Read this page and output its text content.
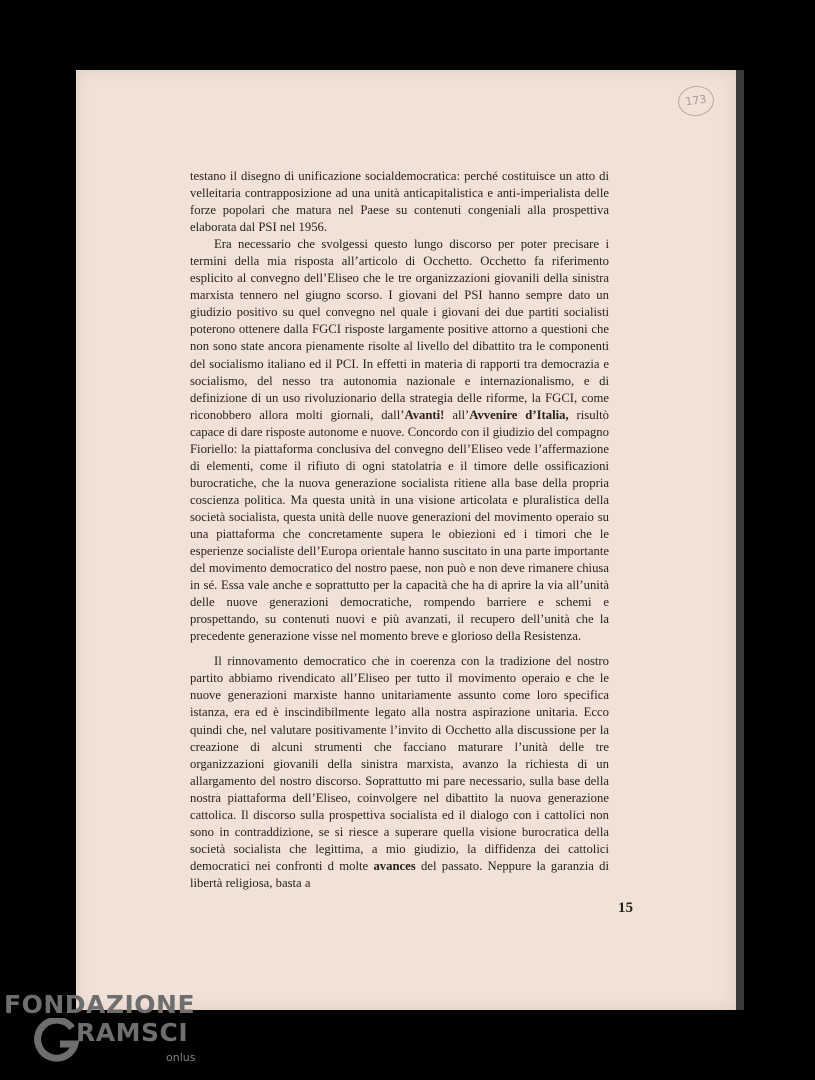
173

testano il disegno di unificazione socialdemocratica: perché costituisce un atto di velleitaria contrapposizione ad una unità anticapitalistica e anti-imperialista delle forze popolari che matura nel Paese su contenuti congeniali alla prospettiva elaborata dal PSI nel 1956.

Era necessario che svolgessi questo lungo discorso per poter precisare i termini della mia risposta all’articolo di Occhetto. Occhetto fa riferimento esplicito al convegno dell’Eliseo che le tre organizzazioni giovanili della sinistra marxista tennero nel giugno scorso. I giovani del PSI hanno sempre dato un giudizio positivo su quel convegno nel quale i giovani dei due partiti socialisti poterono ottenere dalla FGCI risposte largamente positive attorno a questioni che non sono state ancora pienamente risolte al livello del dibattito tra le componenti del socialismo italiano ed il PCI. In effetti in materia di rapporti tra democrazia e socialismo, del nesso tra autonomia nazionale e internazionalismo, e di definizione di un uso rivoluzionario della strategia delle riforme, la FGCI, come riconobbero allora molti giornali, dall’Avanti! all’Avvenire d’Italia, risultò capace di dare risposte autonome e nuove. Concordo con il giudizio del compagno Fioriello: la piattaforma conclusiva del convegno dell’Eliseo vede l’affermazione di elementi, come il rifiuto di ogni statolatria e il timore delle ossificazioni burocratiche, che la nuova generazione socialista ritiene alla base della propria coscienza politica. Ma questa unità in una visione articolata e pluralistica della società socialista, questa unità delle nuove generazioni del movimento operaio su una piattaforma che concretamente supera le obiezioni ed i timori che le esperienze socialiste dell’Europa orientale hanno suscitato in una parte importante del movimento democratico del nostro paese, non può e non deve rimanere chiusa in sé. Essa vale anche e soprattutto per la capacità che ha di aprire la via all’unità delle nuove generazioni democratiche, rompendo barriere e schemi e prospettando, su contenuti nuovi e più avanzati, il recupero dell’unità che la precedente generazione visse nel momento breve e glorioso della Resistenza.

Il rinnovamento democratico che in coerenza con la tradizione del nostro partito abbiamo rivendicato all’Eliseo per tutto il movimento operaio e che le nuove generazioni marxiste hanno unitariamente assunto come loro specifica istanza, era ed è inscindibilmente legato alla nostra aspirazione unitaria. Ecco quindi che, nel valutare positivamente l’invito di Occhetto alla discussione per la creazione di alcuni strumenti che facciano maturare l’unità delle tre organizzazioni giovanili della sinistra marxista, avanzo la richiesta di un allargamento del nostro discorso. Soprattutto mi pare necessario, sulla base della nostra piattaforma dell’Eliseo, coinvolgere nel dibattito la nuova generazione cattolica. Il discorso sulla prospettiva socialista ed il dialogo con i cattolici non sono in contraddizione, se si riesce a superare quella visione burocratica della società socialista che legittima, a mio giudizio, la diffidenza dei cattolici democratici nei confronti d molte avances del passato. Neppure la garanzia di libertà religiosa, basta a

15
FONDAZIONE
RAMSCI
onlus
